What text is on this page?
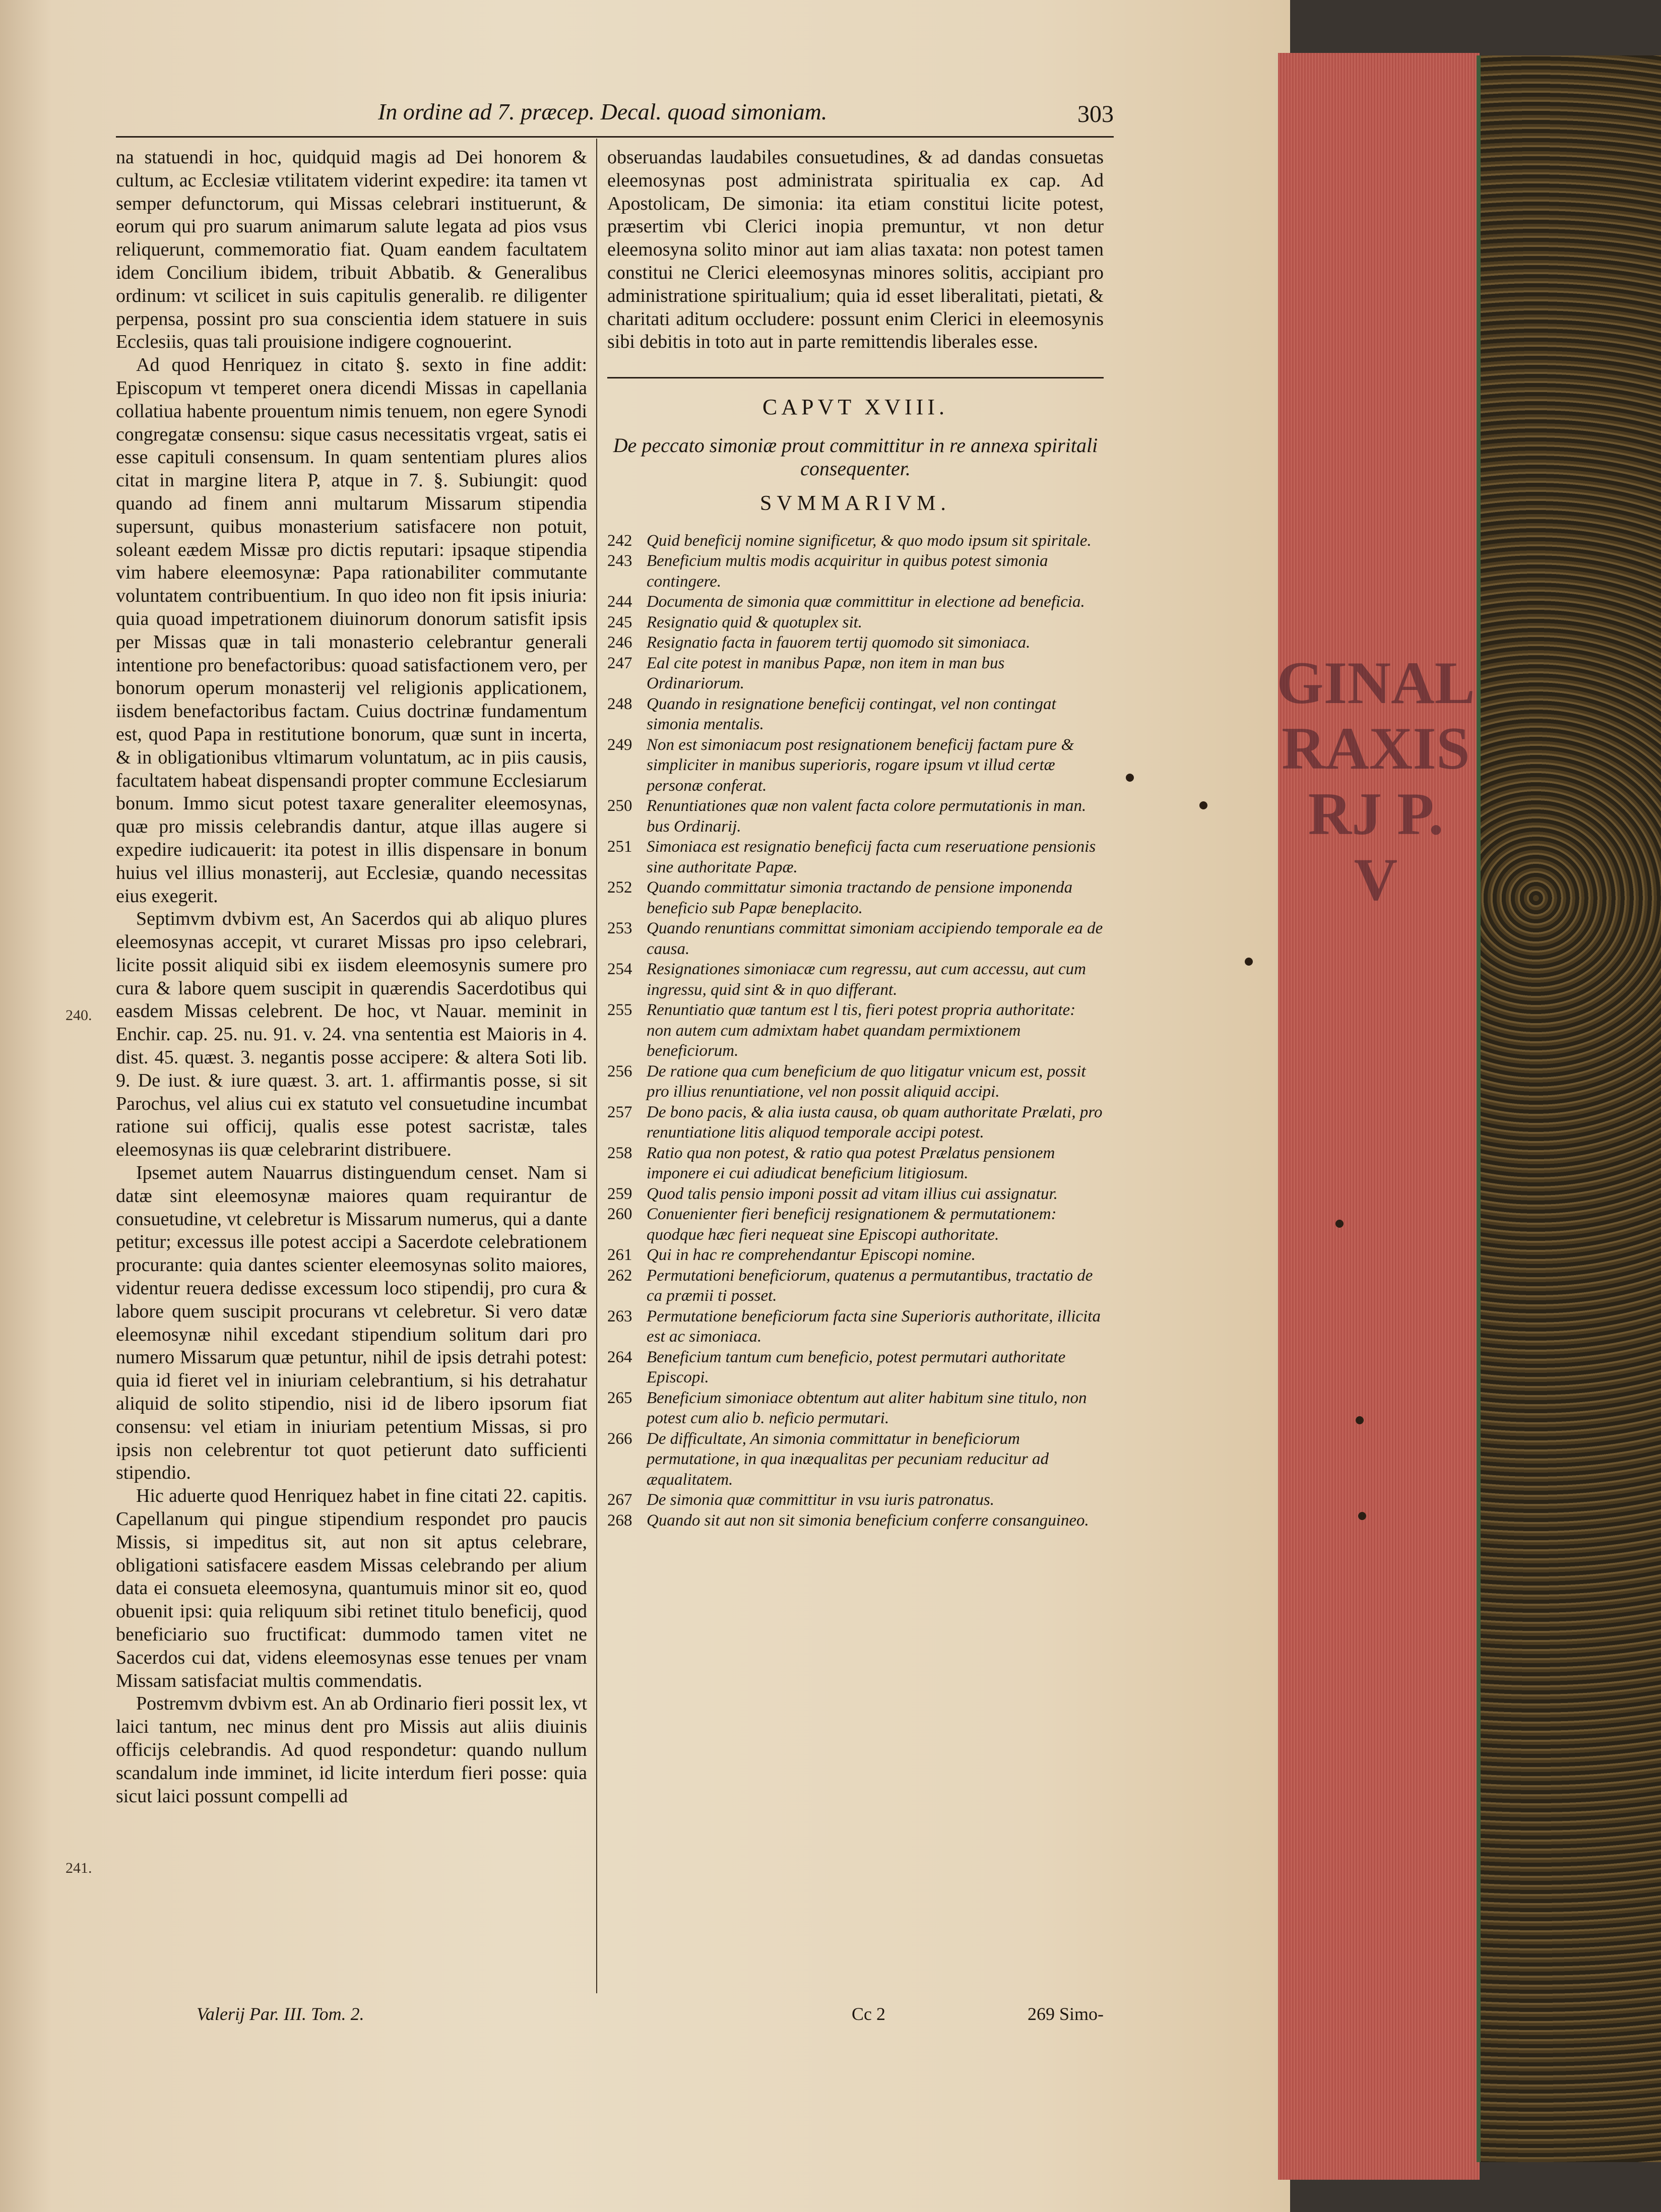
GINAL
RAXIS
RJ P.
V
In ordine ad 7. præcep. Decal. quoad simoniam.	303

na statuendi in hoc, quidquid magis ad Dei honorem & cultum, ac Ecclesiæ vtilitatem viderint expedire: ita tamen vt semper defunctorum, qui Missas celebrari instituerunt, & eorum qui pro suarum animarum salute legata ad pios vsus reliquerunt, commemoratio fiat. Quam eandem facultatem idem Concilium ibidem, tribuit Abbatib. & Generalibus ordinum: vt scilicet in suis capitulis generalib. re diligenter perpensa, possint pro sua conscientia idem statuere in suis Ecclesiis, quas tali prouisione indigere cognouerint.

Ad quod Henriquez in citato §. sexto in fine addit: Episcopum vt temperet onera dicendi Missas in capellania collatiua habente prouentum nimis tenuem, non egere Synodi congregatæ consensu: sique casus necessitatis vrgeat, satis ei esse capituli consensum. In quam sententiam plures alios citat in margine litera P, atque in 7. §. Subiungit: quod quando ad finem anni multarum Missarum stipendia supersunt, quibus monasterium satisfacere non potuit, soleant eædem Missæ pro dictis reputari: ipsaque stipendia vim habere eleemosynæ: Papa rationabiliter commutante voluntatem contribuentium. In quo ideo non fit ipsis iniuria: quia quoad impetrationem diuinorum donorum satisfit ipsis per Missas quæ in tali monasterio celebrantur generali intentione pro benefactoribus: quoad satisfactionem vero, per bonorum operum monasterij vel religionis applicationem, iisdem benefactoribus factam. Cuius doctrinæ fundamentum est, quod Papa in restitutione bonorum, quæ sunt in incerta, & in obligationibus vltimarum voluntatum, ac in piis causis, facultatem habeat dispensandi propter commune Ecclesiarum bonum. Immo sicut potest taxare generaliter eleemosynas, quæ pro missis celebrandis dantur, atque illas augere si expedire iudicauerit: ita potest in illis dispensare in bonum huius vel illius monasterij, aut Ecclesiæ, quando necessitas eius exegerit.

Septimvm dvbivm est, An Sacerdos qui ab aliquo plures eleemosynas accepit, vt curaret Missas pro ipso celebrari, licite possit aliquid sibi ex iisdem eleemosynis sumere pro cura & labore quem suscipit in quærendis Sacerdotibus qui easdem Missas celebrent. De hoc, vt Nauar. meminit in Enchir. cap. 25. nu. 91. v. 24. vna sententia est Maioris in 4. dist. 45. quæst. 3. negantis posse accipere: & altera Soti lib. 9. De iust. & iure quæst. 3. art. 1. affirmantis posse, si sit Parochus, vel alius cui ex statuto vel consuetudine incumbat ratione sui officij, qualis esse potest sacristæ, tales eleemosynas iis quæ celebrarint distribuere.

Ipsemet autem Nauarrus distinguendum censet. Nam si datæ sint eleemosynæ maiores quam requirantur de consuetudine, vt celebretur is Missarum numerus, qui a dante petitur; excessus ille potest accipi a Sacerdote celebrationem procurante: quia dantes scienter eleemosynas solito maiores, videntur reuera dedisse excessum loco stipendij, pro cura & labore quem suscipit procurans vt celebretur. Si vero datæ eleemosynæ nihil excedant stipendium solitum dari pro numero Missarum quæ petuntur, nihil de ipsis detrahi potest: quia id fieret vel in iniuriam celebrantium, si his detrahatur aliquid de solito stipendio, nisi id de libero ipsorum fiat consensu: vel etiam in iniuriam petentium Missas, si pro ipsis non celebrentur tot quot petierunt dato sufficienti stipendio.

Hic aduerte quod Henriquez habet in fine citati 22. capitis. Capellanum qui pingue stipendium respondet pro paucis Missis, si impeditus sit, aut non sit aptus celebrare, obligationi satisfacere easdem Missas celebrando per alium data ei consueta eleemosyna, quantumuis minor sit eo, quod obuenit ipsi: quia reliquum sibi retinet titulo beneficij, quod beneficiario suo fructificat: dummodo tamen vitet ne Sacerdos cui dat, videns eleemosynas esse tenues per vnam Missam satisfaciat multis commendatis.

Postremvm dvbivm est. An ab Ordinario fieri possit lex, vt laici tantum, nec minus dent pro Missis aut aliis diuinis officijs celebrandis. Ad quod respondetur: quando nullum scandalum inde imminet, id licite interdum fieri posse: quia sicut laici possunt compelli ad

240.
241.

obseruandas laudabiles consuetudines, & ad dandas consuetas eleemosynas post administrata spiritualia ex cap. Ad Apostolicam, De simonia: ita etiam constitui licite potest, præsertim vbi Clerici inopia premuntur, vt non detur eleemosyna solito minor aut iam alias taxata: non potest tamen constitui ne Clerici eleemosynas minores solitis, accipiant pro administratione spiritualium; quia id esset liberalitati, pietati, & charitati aditum occludere: possunt enim Clerici in eleemosynis sibi debitis in toto aut in parte remittendis liberales esse.

CAPVT XVIII.
De peccato simoniæ prout committitur in re annexa spiritali consequenter.
SVMMARIVM.
242 Quid beneficij nomine significetur, & quo modo ipsum sit spiritale.
243 Beneficium multis modis acquiritur in quibus potest simonia contingere.
244 Documenta de simonia quæ committitur in electione ad beneficia.
245 Resignatio quid & quotuplex sit.
246 Resignatio facta in fauorem tertij quomodo sit simoniaca.
247 Eal cite potest in manibus Papæ, non item in man bus Ordinariorum.
248 Quando in resignatione beneficij contingat, vel non contingat simonia mentalis.
249 Non est simoniacum post resignationem beneficij factam pure & simpliciter in manibus superioris, rogare ipsum vt illud certæ personæ conferat.
250 Renuntiationes quæ non valent facta colore permutationis in man. bus Ordinarij.
251 Simoniaca est resignatio beneficij facta cum reseruatione pensionis sine authoritate Papæ.
252 Quando committatur simonia tractando de pensione imponenda beneficio sub Papæ beneplacito.
253 Quando renuntians committat simoniam accipiendo temporale ea de causa.
254 Resignationes simoniacæ cum regressu, aut cum accessu, aut cum ingressu, quid sint & in quo differant.
255 Renuntiatio quæ tantum est l tis, fieri potest propria authoritate: non autem cum admixtam habet quandam permixtionem beneficiorum.
256 De ratione qua cum beneficium de quo litigatur vnicum est, possit pro illius renuntiatione, vel non possit aliquid accipi.
257 De bono pacis, & alia iusta causa, ob quam authoritate Prælati, pro renuntiatione litis aliquod temporale accipi potest.
258 Ratio qua non potest, & ratio qua potest Prælatus pensionem imponere ei cui adiudicat beneficium litigiosum.
259 Quod talis pensio imponi possit ad vitam illius cui assignatur.
260 Conuenienter fieri beneficij resignationem & permutationem: quodque hæc fieri nequeat sine Episcopi authoritate.
261 Qui in hac re comprehendantur Episcopi nomine.
262 Permutationi beneficiorum, quatenus a permutantibus, tractatio de ca præmii ti posset.
263 Permutatione beneficiorum facta sine Superioris authoritate, illicita est ac simoniaca.
264 Beneficium tantum cum beneficio, potest permutari authoritate Episcopi.
265 Beneficium simoniace obtentum aut aliter habitum sine titulo, non potest cum alio b. neficio permutari.
266 De difficultate, An simonia committatur in beneficiorum permutatione, in qua inæqualitas per pecuniam reducitur ad æqualitatem.
267 De simonia quæ committitur in vsu iuris patronatus.
268 Quando sit aut non sit simonia beneficium conferre consanguineo.
Valerij Par. III. Tom. 2.	Cc 2	269 Simo-
